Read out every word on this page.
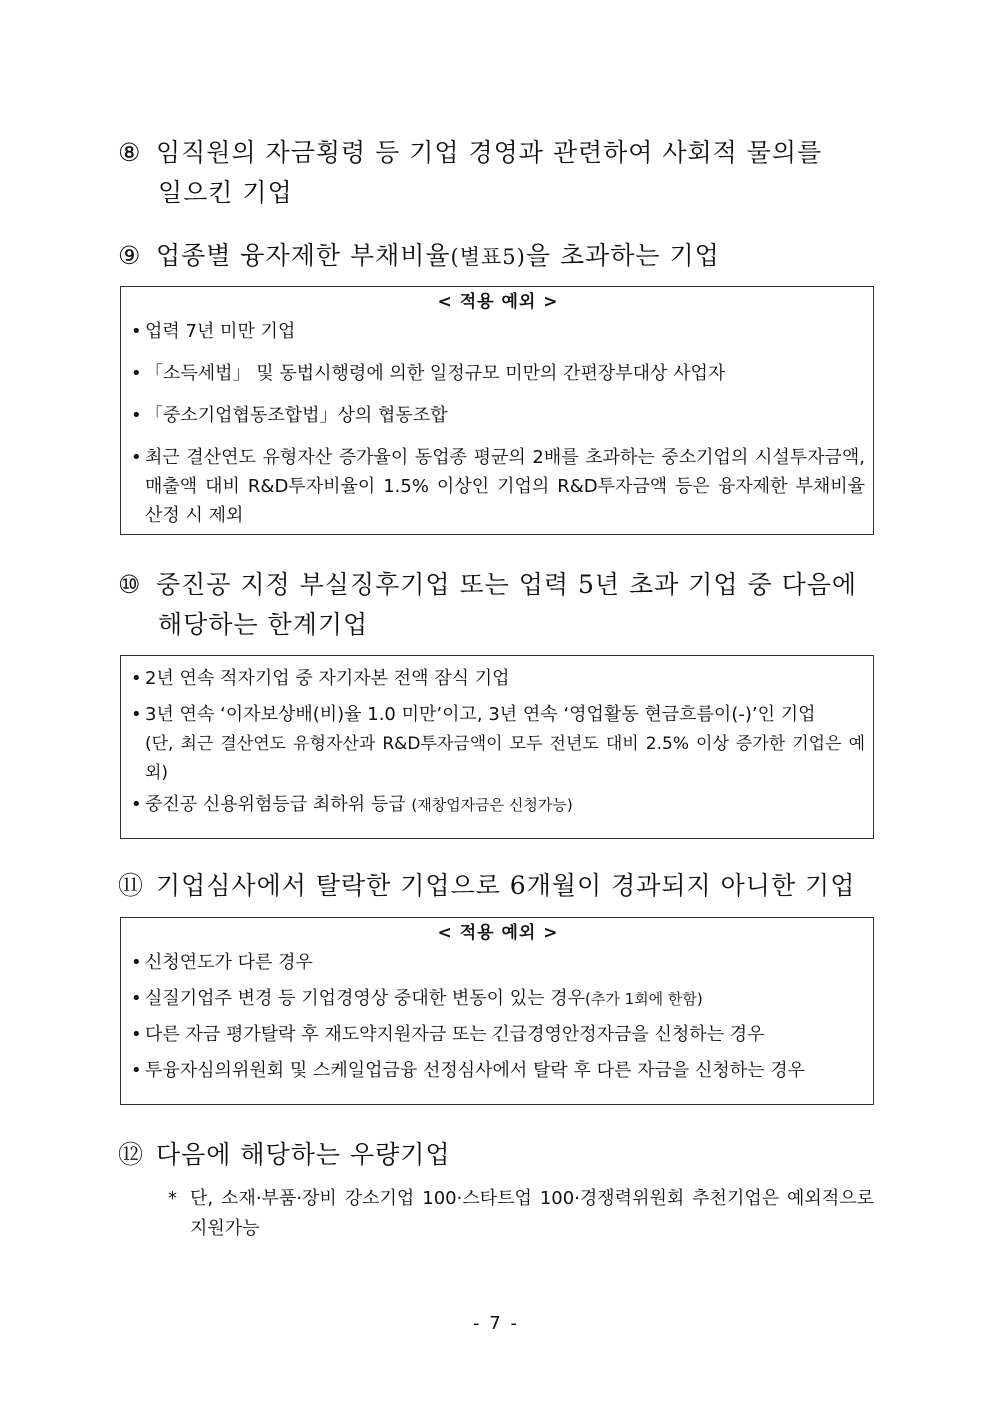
⑧ 임직원의 자금횡령 등 기업 경영과 관련하여 사회적 물의를
일으킨 기업
⑨ 업종별 융자제한 부채비율(별표5)을 초과하는 기업
< 적용 예외 >
• 업력 7년 미만 기업
• 「소득세법」 및 동법시행령에 의한 일정규모 미만의 간편장부대상 사업자
• 「중소기업협동조합법」상의 협동조합
• 최근 결산연도 유형자산 증가율이 동업종 평균의 2배를 초과하는 중소기업의 시설투자금액, 매출액 대비 R&D투자비율이 1.5% 이상인 기업의 R&D투자금액 등은 융자제한 부채비율 산정 시 제외
⑩ 중진공 지정 부실징후기업 또는 업력 5년 초과 기업 중 다음에
해당하는 한계기업
• 2년 연속 적자기업 중 자기자본 전액 잠식 기업
• 3년 연속 ‘이자보상배(비)율 1.0 미만’이고, 3년 연속 ‘영업활동 현금흐름이(-)’인 기업
(단, 최근 결산연도 유형자산과 R&D투자금액이 모두 전년도 대비 2.5% 이상 증가한 기업은 예외)
• 중진공 신용위험등급 최하위 등급 (재창업자금은 신청가능)
⑪ 기업심사에서 탈락한 기업으로 6개월이 경과되지 아니한 기업
< 적용 예외 >
• 신청연도가 다른 경우
• 실질기업주 변경 등 기업경영상 중대한 변동이 있는 경우(추가 1회에 한함)
• 다른 자금 평가탈락 후 재도약지원자금 또는 긴급경영안정자금을 신청하는 경우
• 투융자심의위원회 및 스케일업금융 선정심사에서 탈락 후 다른 자금을 신청하는 경우
⑫ 다음에 해당하는 우량기업
* 단, 소재·부품·장비 강소기업 100·스타트업 100·경쟁력위원회 추천기업은 예외적으로 지원가능
- 7 -
